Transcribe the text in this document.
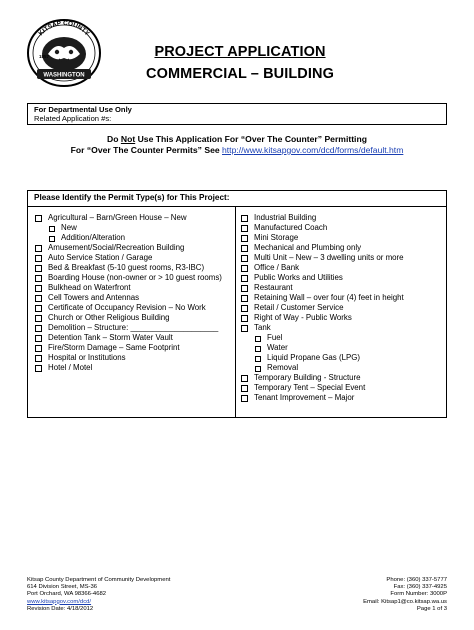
KITSAP COUNTY
1857
WASHINGTON
PROJECT APPLICATION
COMMERCIAL – BUILDING
For Departmental Use Only
Related Application #s:
Do Not Use This Application For “Over The Counter” Permitting
For “Over The Counter Permits” See http://www.kitsapgov.com/dcd/forms/default.htm
Please Identify the Permit Type(s) for This Project:
Agricultural – Barn/Green House – New
New
Addition/Alteration
Amusement/Social/Recreation Building
Auto Service Station / Garage
Bed & Breakfast (5-10 guest rooms, R3-IBC)
Boarding House (non-owner or > 10 guest rooms)
Bulkhead on Waterfront
Cell Towers and Antennas
Certificate of Occupancy Revision – No Work
Church or Other Religious Building
Demolition – Structure: ____________________
Detention Tank – Storm Water Vault
Fire/Storm Damage – Same Footprint
Hospital or Institutions
Hotel / Motel
Industrial Building
Manufactured Coach
Mini Storage
Mechanical and Plumbing only
Multi Unit – New – 3 dwelling units or more
Office / Bank
Public Works and Utilities
Restaurant
Retaining Wall – over four (4) feet in height
Retail / Customer Service
Right of Way - Public Works
Tank
Fuel
Water
Liquid Propane Gas (LPG)
Removal
Temporary Building - Structure
Temporary Tent – Special Event
Tenant Improvement – Major
Kitsap County Department of Community Development
614 Division Street, MS-36
Port Orchard, WA 98366-4682
www.kitsapgov.com/dcd/
Revision Date: 4/18/2012
Phone: (360) 337-5777
Fax: (360) 337-4925
Form Number: 3000P
Email: Kitsap1@co.kitsap.wa.us
Page 1 of 3
